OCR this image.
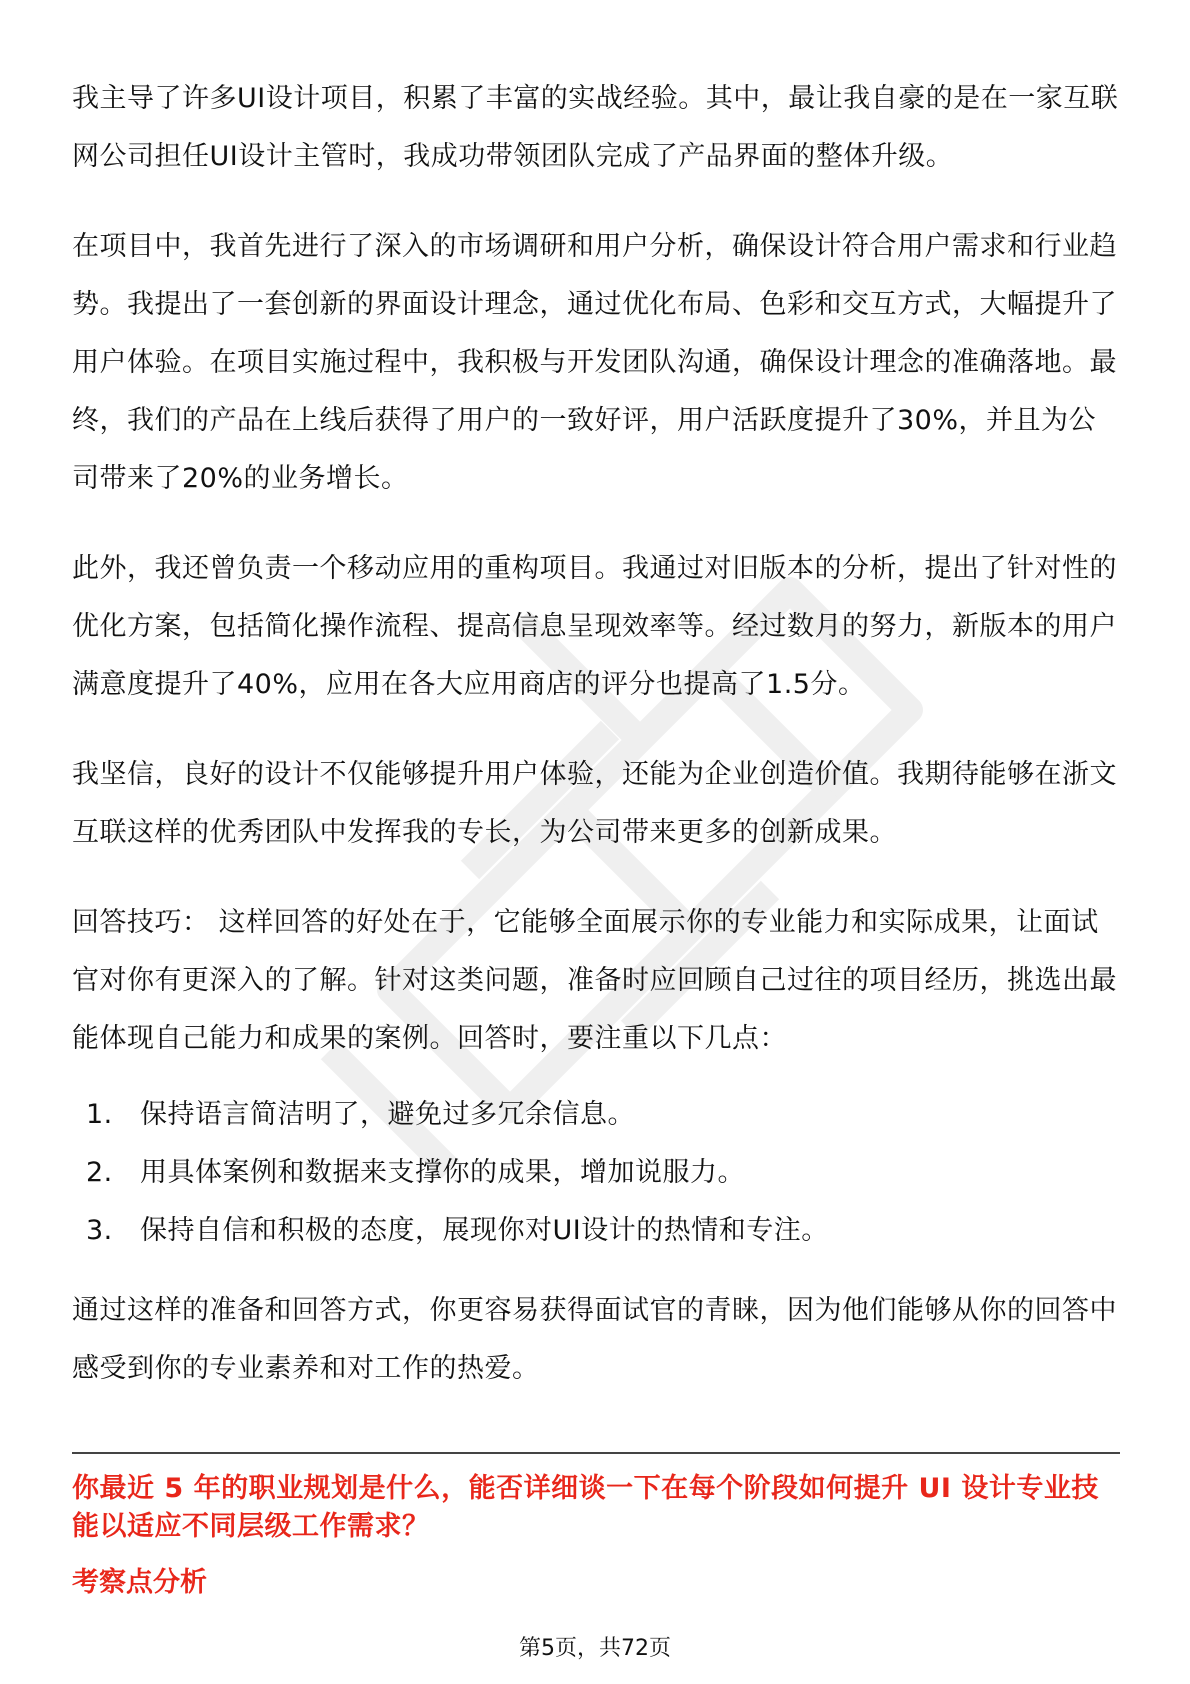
我主导了许多UI设计项目，积累了丰富的实战经验。其中，最让我自豪的是在一家互联网公司担任UI设计主管时，我成功带领团队完成了产品界面的整体升级。

在项目中，我首先进行了深入的市场调研和用户分析，确保设计符合用户需求和行业趋势。我提出了一套创新的界面设计理念，通过优化布局、色彩和交互方式，大幅提升了用户体验。在项目实施过程中，我积极与开发团队沟通，确保设计理念的准确落地。最终，我们的产品在上线后获得了用户的一致好评，用户活跃度提升了30%，并且为公司带来了20%的业务增长。

此外，我还曾负责一个移动应用的重构项目。我通过对旧版本的分析，提出了针对性的优化方案，包括简化操作流程、提高信息呈现效率等。经过数月的努力，新版本的用户满意度提升了40%，应用在各大应用商店的评分也提高了1.5分。

我坚信，良好的设计不仅能够提升用户体验，还能为企业创造价值。我期待能够在浙文互联这样的优秀团队中发挥我的专长，为公司带来更多的创新成果。

回答技巧： 这样回答的好处在于，它能够全面展示你的专业能力和实际成果，让面试官对你有更深入的了解。针对这类问题，准备时应回顾自己过往的项目经历，挑选出最能体现自己能力和成果的案例。回答时，要注重以下几点：

1.	保持语言简洁明了，避免过多冗余信息。
2.	用具体案例和数据来支撑你的成果，增加说服力。
3.	保持自信和积极的态度，展现你对UI设计的热情和专注。

通过这样的准备和回答方式，你更容易获得面试官的青睐，因为他们能够从你的回答中感受到你的专业素养和对工作的热爱。

你最近 5 年的职业规划是什么，能否详细谈一下在每个阶段如何提升 UI 设计专业技能以适应不同层级工作需求？
考察点分析
第5页，共72页
